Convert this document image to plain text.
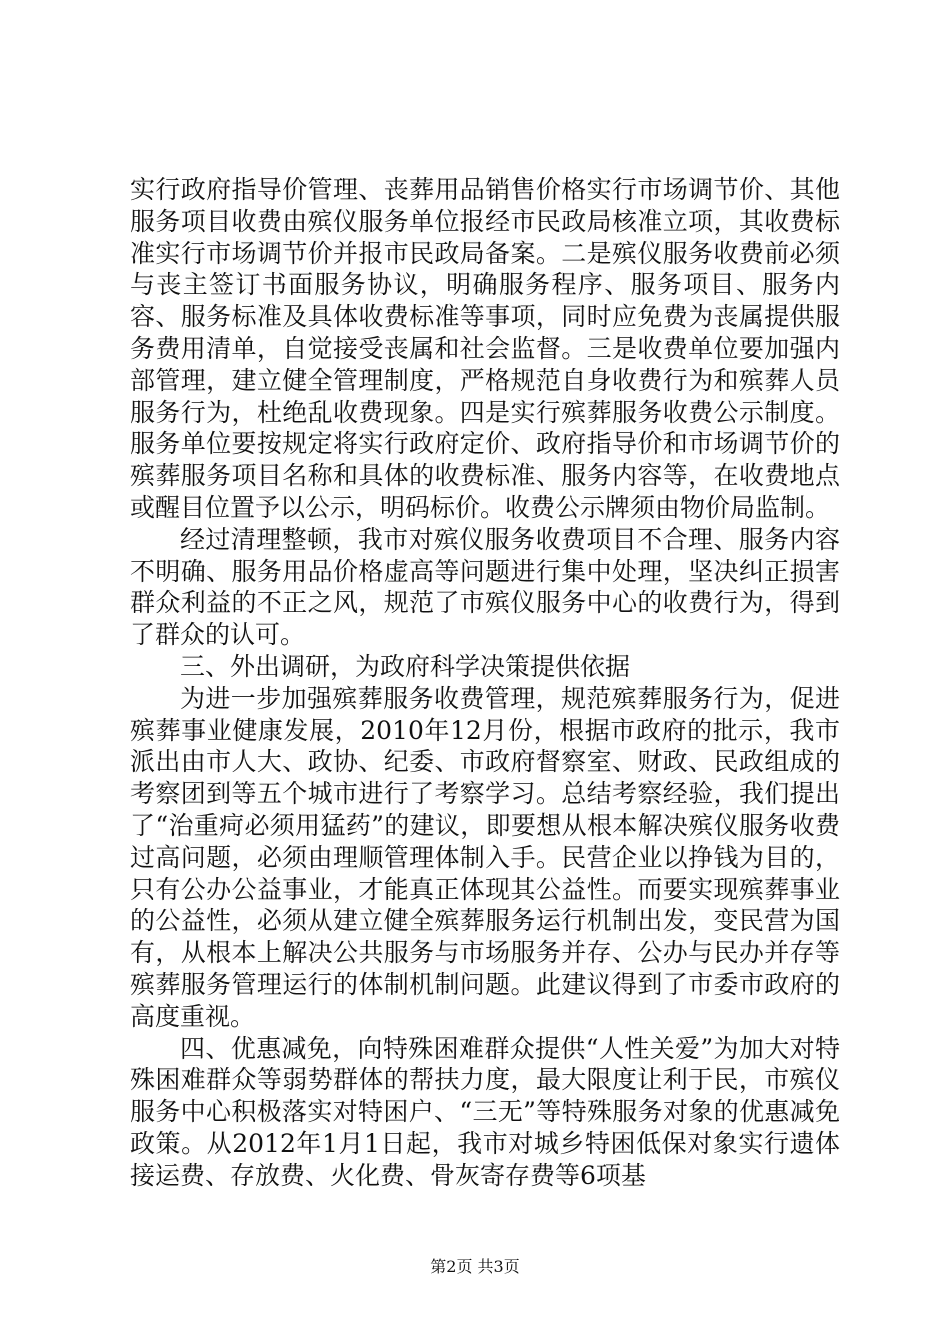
实行政府指导价管理、丧葬用品销售价格实行市场调节价、其他服务项目收费由殡仪服务单位报经市民政局核准立项，其收费标准实行市场调节价并报市民政局备案。二是殡仪服务收费前必须与丧主签订书面服务协议，明确服务程序、服务项目、服务内容、服务标准及具体收费标准等事项，同时应免费为丧属提供服务费用清单，自觉接受丧属和社会监督。三是收费单位要加强内部管理，建立健全管理制度，严格规范自身收费行为和殡葬人员服务行为，杜绝乱收费现象。四是实行殡葬服务收费公示制度。服务单位要按规定将实行政府定价、政府指导价和市场调节价的殡葬服务项目名称和具体的收费标准、服务内容等，在收费地点或醒目位置予以公示，明码标价。收费公示牌须由物价局监制。

经过清理整顿，我市对殡仪服务收费项目不合理、服务内容不明确、服务用品价格虚高等问题进行集中处理，坚决纠正损害群众利益的不正之风，规范了市殡仪服务中心的收费行为，得到了群众的认可。

三、外出调研，为政府科学决策提供依据

为进一步加强殡葬服务收费管理，规范殡葬服务行为，促进殡葬事业健康发展，2010年12月份，根据市政府的批示，我市派出由市人大、政协、纪委、市政府督察室、财政、民政组成的考察团到等五个城市进行了考察学习。总结考察经验，我们提出了“治重疴必须用猛药”的建议，即要想从根本解决殡仪服务收费过高问题，必须由理顺管理体制入手。民营企业以挣钱为目的，只有公办公益事业，才能真正体现其公益性。而要实现殡葬事业的公益性，必须从建立健全殡葬服务运行机制出发，变民营为国有，从根本上解决公共服务与市场服务并存、公办与民办并存等殡葬服务管理运行的体制机制问题。此建议得到了市委市政府的高度重视。

四、优惠减免，向特殊困难群众提供“人性关爱”为加大对特殊困难群众等弱势群体的帮扶力度，最大限度让利于民，市殡仪服务中心积极落实对特困户、“三无”等特殊服务对象的优惠减免政策。从2012年1月1日起，我市对城乡特困低保对象实行遗体接运费、存放费、火化费、骨灰寄存费等6项基

第2页 共3页
